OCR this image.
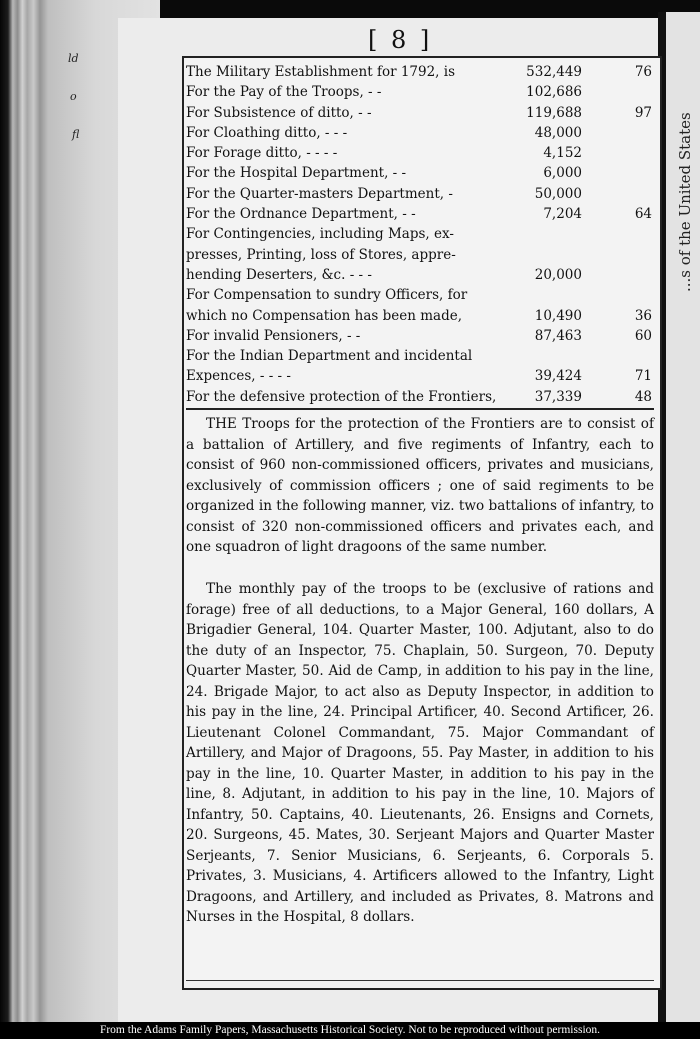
ld
o
fl	...s of the United States
[ 8 ]
The Military Establishment for 1792, is	532,449	76
For the Pay of the Troops, - -	102,686
For Subsistence of ditto, - -	119,688	97
For Cloathing ditto, - - -	48,000
For Forage ditto, - - - -	4,152
For the Hospital Department, - -	6,000
For the Quarter-masters Department, -	50,000
For the Ordnance Department, - -	7,204	64
For Contingencies, including Maps, ex-
presses, Printing, loss of Stores, appre-
hending Deserters, &c. - - -	20,000
For Compensation to sundry Officers, for
which no Compensation has been made,	10,490	36
For invalid Pensioners, - -	87,463	60
For the Indian Department and incidental
Expences, - - - -	39,424	71
For the defensive protection of the Frontiers,	37,339	48
THE Troops for the protection of the Frontiers are to consist of a battalion of Artillery, and five regiments of Infantry, each to consist of 960 non-commissioned officers, privates and musicians, exclusively of commission officers ; one of said regiments to be organized in the following manner, viz. two battalions of infantry, to consist of 320 non-commissioned officers and privates each, and one squadron of light dragoons of the same number.
The monthly pay of the troops to be (exclusive of rations and forage) free of all deductions, to a Major General, 160 dollars, A Brigadier General, 104. Quarter Master, 100. Adjutant, also to do the duty of an Inspector, 75. Chaplain, 50. Surgeon, 70. Deputy Quarter Master, 50. Aid de Camp, in addition to his pay in the line, 24. Brigade Major, to act also as Deputy Inspector, in addition to his pay in the line, 24. Principal Artificer, 40. Second Artificer, 26. Lieutenant Colonel Commandant, 75. Major Commandant of Artillery, and Major of Dragoons, 55. Pay Master, in addition to his pay in the line, 10. Quarter Master, in addition to his pay in the line, 8. Adjutant, in addition to his pay in the line, 10. Majors of Infantry, 50. Captains, 40. Lieutenants, 26. Ensigns and Cornets, 20. Surgeons, 45. Mates, 30. Serjeant Majors and Quarter Master Serjeants, 7. Senior Musicians, 6. Serjeants, 6. Corporals 5. Privates, 3. Musicians, 4. Artificers allowed to the Infantry, Light Dragoons, and Artillery, and included as Privates, 8. Matrons and Nurses in the Hospital, 8 dollars.
From the Adams Family Papers, Massachusetts Historical Society. Not to be reproduced without permission.
